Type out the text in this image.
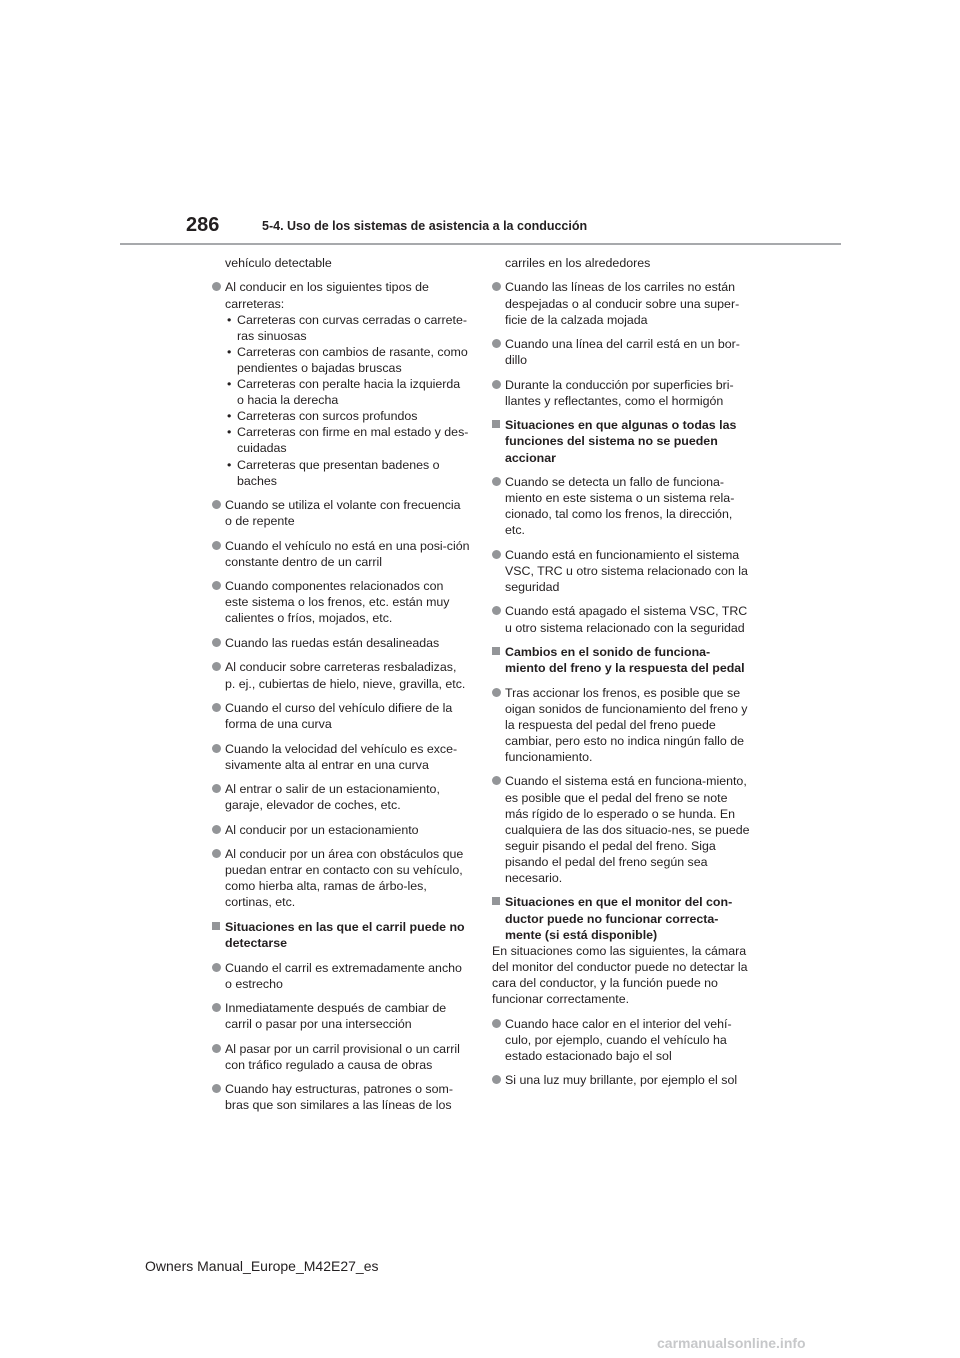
286	5-4. Uso de los sistemas de asistencia a la conducción
vehículo detectable
Al conducir en los siguientes tipos de carreteras:
• Carreteras con curvas cerradas o carrete-ras sinuosas
• Carreteras con cambios de rasante, como pendientes o bajadas bruscas
• Carreteras con peralte hacia la izquierda o hacia la derecha
• Carreteras con surcos profundos
• Carreteras con firme en mal estado y des-cuidadas
• Carreteras que presentan badenes o baches
Cuando se utiliza el volante con frecuencia o de repente
Cuando el vehículo no está en una posi-ción constante dentro de un carril
Cuando componentes relacionados con este sistema o los frenos, etc. están muy calientes o fríos, mojados, etc.
Cuando las ruedas están desalineadas
Al conducir sobre carreteras resbaladizas, p. ej., cubiertas de hielo, nieve, gravilla, etc.
Cuando el curso del vehículo difiere de la forma de una curva
Cuando la velocidad del vehículo es exce-sivamente alta al entrar en una curva
Al entrar o salir de un estacionamiento, garaje, elevador de coches, etc.
Al conducir por un estacionamiento
Al conducir por un área con obstáculos que puedan entrar en contacto con su vehículo, como hierba alta, ramas de árbo-les, cortinas, etc.
Situaciones en las que el carril puede no detectarse
Cuando el carril es extremadamente ancho o estrecho
Inmediatamente después de cambiar de carril o pasar por una intersección
Al pasar por un carril provisional o un carril con tráfico regulado a causa de obras
Cuando hay estructuras, patrones o som-bras que son similares a las líneas de los
carriles en los alrededores
Cuando las líneas de los carriles no están despejadas o al conducir sobre una super-ficie de la calzada mojada
Cuando una línea del carril está en un bor-dillo
Durante la conducción por superficies bri-llantes y reflectantes, como el hormigón
Situaciones en que algunas o todas las funciones del sistema no se pueden accionar
Cuando se detecta un fallo de funciona-miento en este sistema o un sistema rela-cionado, tal como los frenos, la dirección, etc.
Cuando está en funcionamiento el sistema VSC, TRC u otro sistema relacionado con la seguridad
Cuando está apagado el sistema VSC, TRC u otro sistema relacionado con la seguridad
Cambios en el sonido de funciona-miento del freno y la respuesta del pedal
Tras accionar los frenos, es posible que se oigan sonidos de funcionamiento del freno y la respuesta del pedal del freno puede cambiar, pero esto no indica ningún fallo de funcionamiento.
Cuando el sistema está en funciona-miento, es posible que el pedal del freno se note más rígido de lo esperado o se hunda. En cualquiera de las dos situacio-nes, se puede seguir pisando el pedal del freno. Siga pisando el pedal del freno según sea necesario.
Situaciones en que el monitor del con-ductor puede no funcionar correcta-mente (si está disponible)
En situaciones como las siguientes, la cámara del monitor del conductor puede no detectar la cara del conductor, y la función puede no funcionar correctamente.
Cuando hace calor en el interior del vehí-culo, por ejemplo, cuando el vehículo ha estado estacionado bajo el sol
Si una luz muy brillante, por ejemplo el sol
Owners Manual_Europe_M42E27_es
carmanualsonline.info
